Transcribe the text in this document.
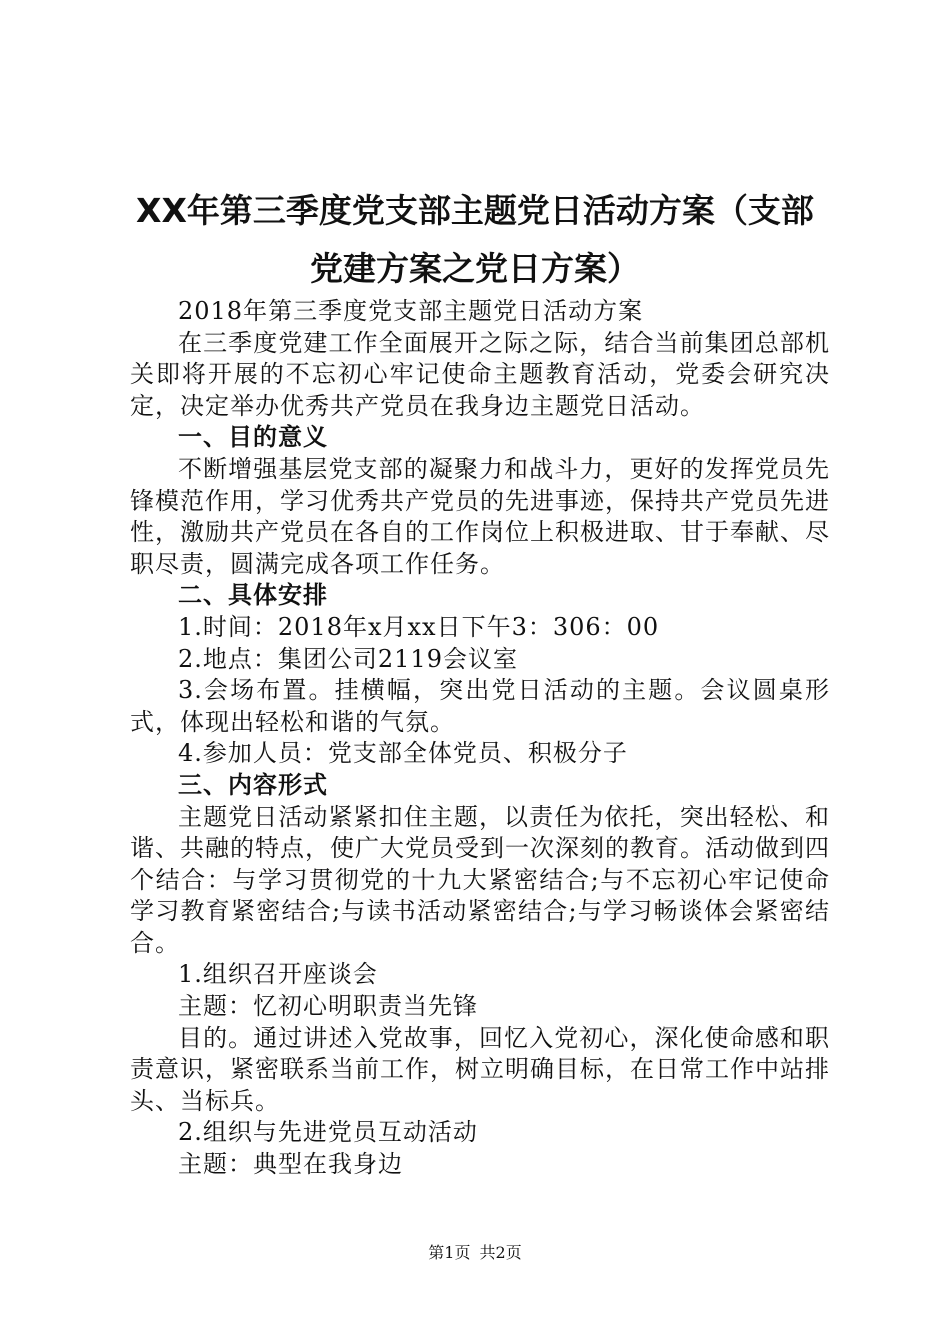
XX年第三季度党支部主题党日活动方案（支部党建方案之党日方案）

2018年第三季度党支部主题党日活动方案

在三季度党建工作全面展开之际之际，结合当前集团总部机关即将开展的不忘初心牢记使命主题教育活动，党委会研究决定，决定举办优秀共产党员在我身边主题党日活动。

一、目的意义

不断增强基层党支部的凝聚力和战斗力，更好的发挥党员先锋模范作用，学习优秀共产党员的先进事迹，保持共产党员先进性，激励共产党员在各自的工作岗位上积极进取、甘于奉献、尽职尽责，圆满完成各项工作任务。

二、具体安排

1.时间：2018年x月xx日下午3：306：00

2.地点：集团公司2119会议室

3.会场布置。挂横幅，突出党日活动的主题。会议圆桌形式，体现出轻松和谐的气氛。

4.参加人员：党支部全体党员、积极分子

三、内容形式

主题党日活动紧紧扣住主题，以责任为依托，突出轻松、和谐、共融的特点，使广大党员受到一次深刻的教育。活动做到四个结合：与学习贯彻党的十九大紧密结合;与不忘初心牢记使命学习教育紧密结合;与读书活动紧密结合;与学习畅谈体会紧密结合。

1.组织召开座谈会

主题：忆初心明职责当先锋

目的。通过讲述入党故事，回忆入党初心，深化使命感和职责意识，紧密联系当前工作，树立明确目标，在日常工作中站排头、当标兵。

2.组织与先进党员互动活动

主题：典型在我身边

第1页 共2页
